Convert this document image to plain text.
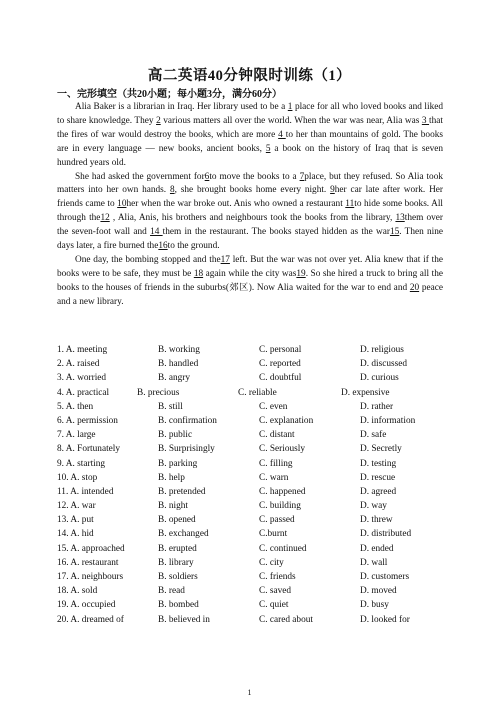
高二英语40分钟限时训练（1）
一、完形填空（共20小题；每小题3分，满分60分）

Alia Baker is a librarian in Iraq. Her library used to be a 1 place for all who loved books and liked to share knowledge. They 2 various matters all over the world. When the war was near, Alia was 3 that the fires of war would destroy the books, which are more 4 to her than mountains of gold. The books are in every language — new books, ancient books, 5 a book on the history of Iraq that is seven hundred years old.

She had asked the government for6to move the books to a 7place, but they refused. So Alia took matters into her own hands. 8, she brought books home every night. 9her car late after work. Her friends came to 10her when the war broke out. Anis who owned a restaurant 11to hide some books. All through the12 , Alia, Anis, his brothers and neighbours took the books from the library, 13them over the seven-foot wall and 14 them in the restaurant. The books stayed hidden as the war15. Then nine days later, a fire burned the16to the ground.

One day, the bombing stopped and the17 left. But the war was not over yet. Alia knew that if the books were to be safe, they must be 18 again while the city was19. So she hired a truck to bring all the books to the houses of friends in the suburbs(郊区). Now Alia waited for the war to end and 20 peace and a new library.

1. A. meeting	B. working	C. personal	D. religious
2. A. raised	B. handled	C. reported	D. discussed
3. A. worried	B. angry	C. doubtful	D. curious
4. A. practical	B. precious	C. reliable	D. expensive
5. A. then	B. still	C. even	D. rather
6. A. permission	B. confirmation	C. explanation	D. information
7. A. large	B. public	C. distant	D. safe
8. A. Fortunately	B. Surprisingly	C. Seriously	D. Secretly
9. A. starting	B. parking	C. filling	D. testing
10. A. stop	B. help	C. warn	D. rescue
11. A. intended	B. pretended	C. happened	D. agreed
12. A. war	B. night	C. building	D. way
13. A. put	B. opened	C. passed	D. threw
14. A. hid	B. exchanged	C.burnt	D. distributed
15. A. approached	B. erupted	C. continued	D. ended
16. A. restaurant	B. library	C. city	D. wall
17. A. neighbours	B. soldiers	C. friends	D. customers
18. A. sold	B. read	C. saved	D. moved
19. A. occupied	B. bombed	C. quiet	D. busy
20. A. dreamed of	B. believed in	C. cared about	D. looked for
1
